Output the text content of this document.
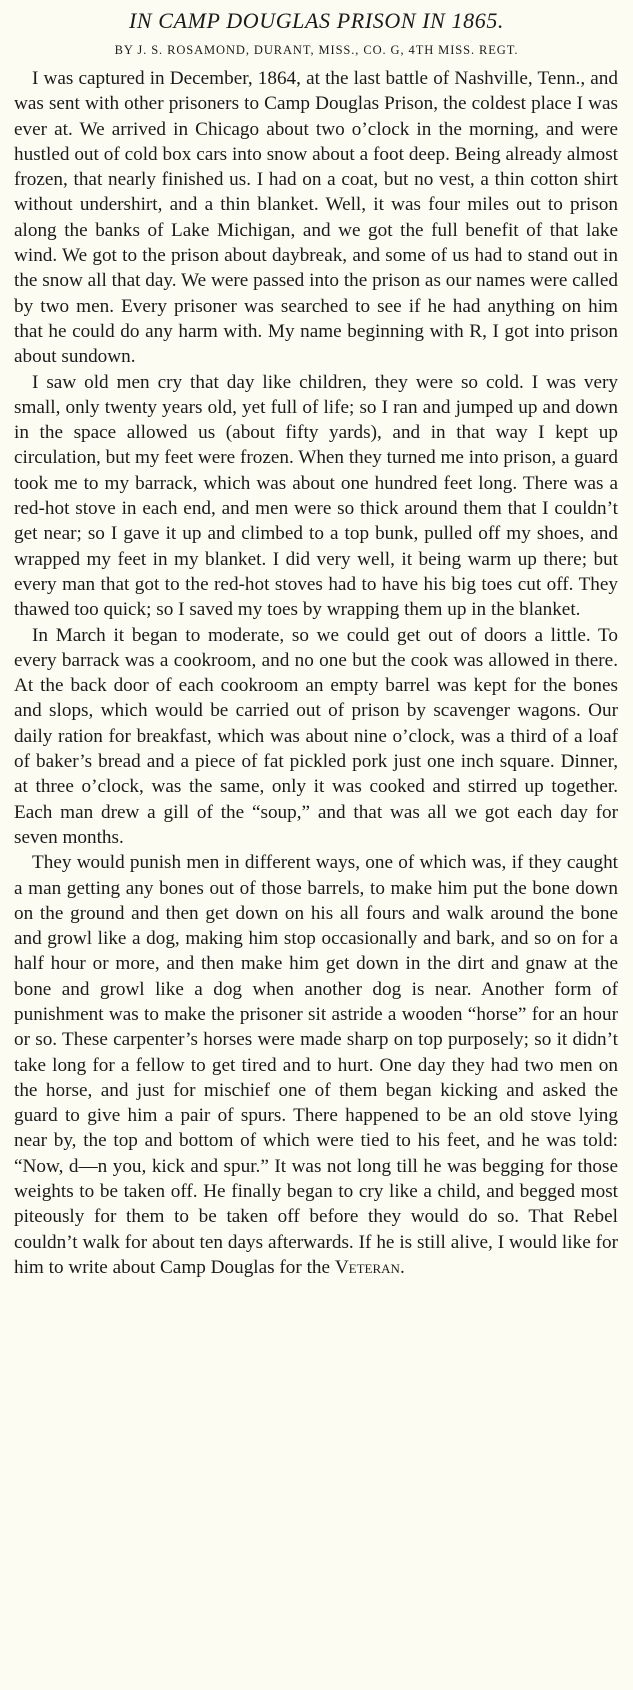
IN CAMP DOUGLAS PRISON IN 1865.
BY J. S. ROSAMOND, DURANT, MISS., CO. G, 4TH MISS. REGT.

I was captured in December, 1864, at the last battle of Nashville, Tenn., and was sent with other prisoners to Camp Douglas Prison, the coldest place I was ever at. We arrived in Chicago about two o’clock in the morning, and were hustled out of cold box cars into snow about a foot deep. Being already almost frozen, that nearly finished us. I had on a coat, but no vest, a thin cotton shirt without undershirt, and a thin blanket. Well, it was four miles out to prison along the banks of Lake Michigan, and we got the full benefit of that lake wind. We got to the prison about daybreak, and some of us had to stand out in the snow all that day. We were passed into the prison as our names were called by two men. Every prisoner was searched to see if he had anything on him that he could do any harm with. My name beginning with R, I got into prison about sundown.

I saw old men cry that day like children, they were so cold. I was very small, only twenty years old, yet full of life; so I ran and jumped up and down in the space allowed us (about fifty yards), and in that way I kept up circulation, but my feet were frozen. When they turned me into prison, a guard took me to my barrack, which was about one hundred feet long. There was a red-hot stove in each end, and men were so thick around them that I couldn’t get near; so I gave it up and climbed to a top bunk, pulled off my shoes, and wrapped my feet in my blanket. I did very well, it being warm up there; but every man that got to the red-hot stoves had to have his big toes cut off. They thawed too quick; so I saved my toes by wrapping them up in the blanket.

In March it began to moderate, so we could get out of doors a little. To every barrack was a cookroom, and no one but the cook was allowed in there. At the back door of each cookroom an empty barrel was kept for the bones and slops, which would be carried out of prison by scavenger wagons. Our daily ration for breakfast, which was about nine o’clock, was a third of a loaf of baker’s bread and a piece of fat pickled pork just one inch square. Dinner, at three o’clock, was the same, only it was cooked and stirred up together. Each man drew a gill of the “soup,” and that was all we got each day for seven months.

They would punish men in different ways, one of which was, if they caught a man getting any bones out of those barrels, to make him put the bone down on the ground and then get down on his all fours and walk around the bone and growl like a dog, making him stop occasionally and bark, and so on for a half hour or more, and then make him get down in the dirt and gnaw at the bone and growl like a dog when another dog is near. Another form of punishment was to make the prisoner sit astride a wooden “horse” for an hour or so. These carpenter’s horses were made sharp on top purposely; so it didn’t take long for a fellow to get tired and to hurt. One day they had two men on the horse, and just for mischief one of them began kicking and asked the guard to give him a pair of spurs. There happened to be an old stove lying near by, the top and bottom of which were tied to his feet, and he was told: “Now, d—n you, kick and spur.” It was not long till he was begging for those weights to be taken off. He finally began to cry like a child, and begged most piteously for them to be taken off before they would do so. That Rebel couldn’t walk for about ten days afterwards. If he is still alive, I would like for him to write about Camp Douglas for the Veteran.
